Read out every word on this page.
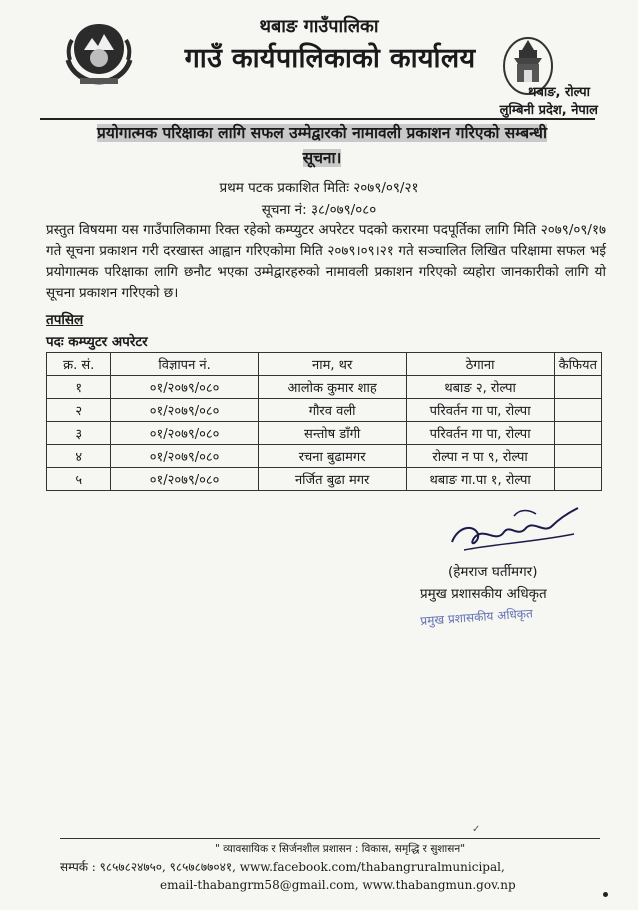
थबाङ गाउँपालिका
गाउँ कार्यपालिकाको कार्यालय
थबाङ, रोल्पा
लुम्बिनी प्रदेश, नेपाल
प्रयोगात्मक परिक्षाका लागि सफल उम्मेद्वारको नामावली प्रकाशन गरिएको सम्बन्धी
सूचना।
प्रथम पटक प्रकाशित मितिः २०७९/०९/२१
सूचना नं: ३८/०७९/०८०
प्रस्तुत विषयमा यस गाउँपालिकामा रिक्त रहेको कम्प्युटर अपरेटर पदको करारमा पदपूर्तिका लागि मिति २०७९/०९/१७ गते सूचना प्रकाशन गरी दरखास्त आह्वान गरिएकोमा मिति २०७९।०९।२१ गते सञ्चालित लिखित परिक्षामा सफल भई प्रयोगात्मक परिक्षाका लागि छनौट भएका उम्मेद्वारहरुको नामावली प्रकाशन गरिएको व्यहोरा जानकारीको लागि यो सूचना प्रकाशन गरिएको छ।
तपसिल
पदः कम्प्युटर अपरेटर
क्र. सं.	विज्ञापन नं.	नाम, थर	ठेगाना	कैफियत
१	०१/२०७९/०८०	आलोक कुमार शाह	थबाङ २, रोल्पा	
२	०१/२०७९/०८०	गौरव वली	परिवर्तन गा पा, रोल्पा	
३	०१/२०७९/०८०	सन्तोष डाँगी	परिवर्तन गा पा, रोल्पा	
४	०१/२०७९/०८०	रचना बुढामगर	रोल्पा न पा ९, रोल्पा	
५	०१/२०७९/०८०	नर्जित बुढा मगर	थबाङ गा.पा १, रोल्पा	
(हेमराज घर्तीमगर)
प्रमुख प्रशासकीय अधिकृत
प्रमुख प्रशासकीय अधिकृत
✓
" व्यावसायिक र सिर्जनशील प्रशासन : विकास, समृद्धि र सुशासन"
सम्पर्क : ९८५७८२४७५०, ९८५७८७७०४१, www.facebook.com/thabangruralmunicipal,
email-thabangrm58@gmail.com, www.thabangmun.gov.np
